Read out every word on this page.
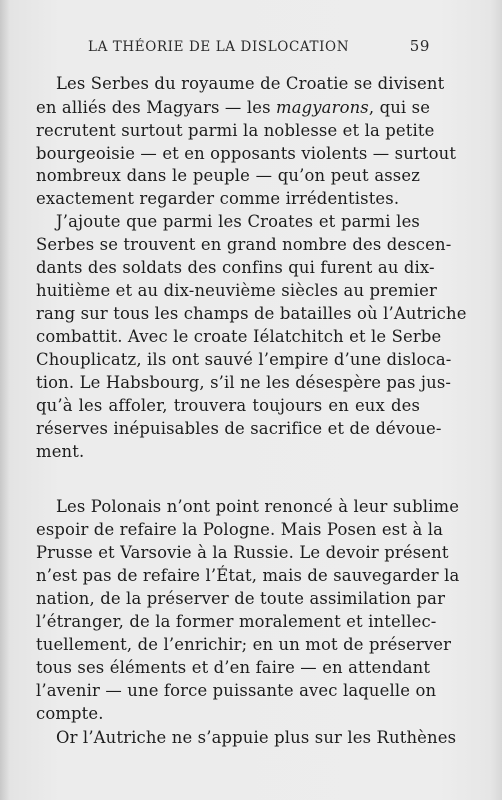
LA THÉORIE DE LA DISLOCATION	59
Les Serbes du royaume de Croatie se divisent
en alliés des Magyars — les magyarons, qui se
recrutent surtout parmi la noblesse et la petite
bourgeoisie — et en opposants violents — surtout
nombreux dans le peuple — qu’on peut assez
exactement regarder comme irrédentistes.
J’ajoute que parmi les Croates et parmi les
Serbes se trouvent en grand nombre des descen-
dants des soldats des confins qui furent au dix-
huitième et au dix-neuvième siècles au premier
rang sur tous les champs de batailles où l’Autriche
combattit. Avec le croate Iélatchitch et le Serbe
Chouplicatz, ils ont sauvé l’empire d’une disloca-
tion. Le Habsbourg, s’il ne les désespère pas jus-
qu’à les affoler, trouvera toujours en eux des
réserves inépuisables de sacrifice et de dévoue-
ment.
Les Polonais n’ont point renoncé à leur sublime
espoir de refaire la Pologne. Mais Posen est à la
Prusse et Varsovie à la Russie. Le devoir présent
n’est pas de refaire l’État, mais de sauvegarder la
nation, de la préserver de toute assimilation par
l’étranger, de la former moralement et intellec-
tuellement, de l’enrichir; en un mot de préserver
tous ses éléments et d’en faire — en attendant
l’avenir — une force puissante avec laquelle on
compte.
Or l’Autriche ne s’appuie plus sur les Ruthènes
